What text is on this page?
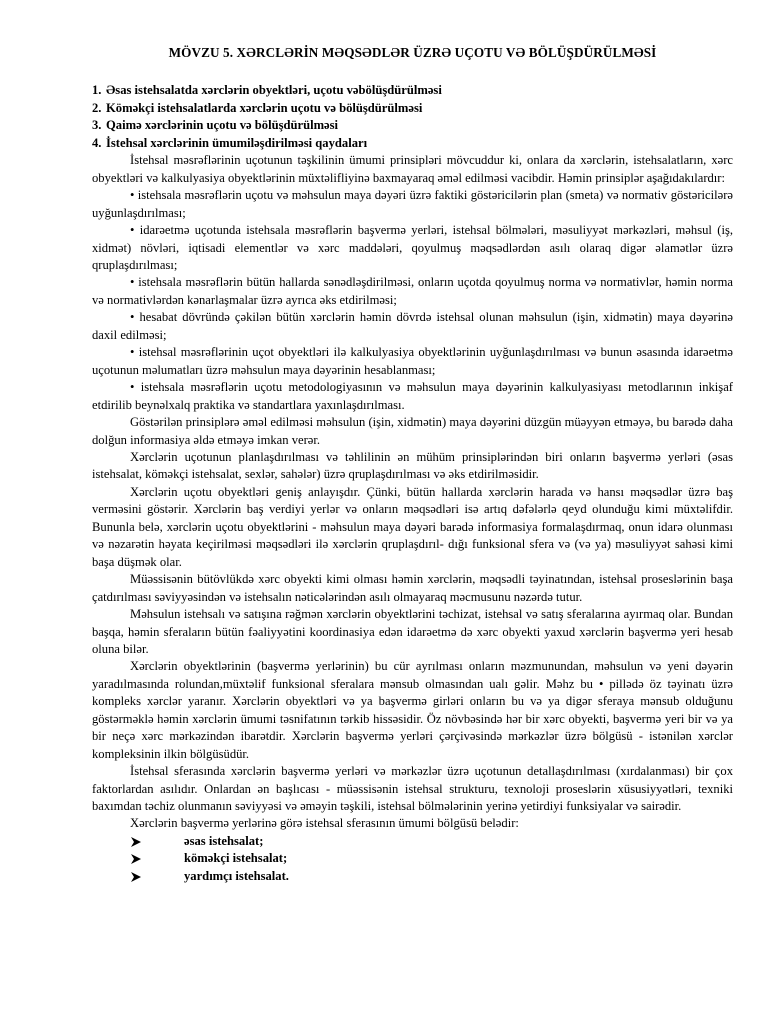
MÖVZU 5. XƏRCLƏRİN MƏQSƏDLƏR ÜZRƏ UÇOTU VƏ BÖLÜŞDÜRÜLMƏSİ
1. Əsas istehsalatda xərclərin obyektləri, uçotu vəbölüşdürülməsi
2. Köməkçi istehsalatlarda xərclərin uçotu və bölüşdürülməsi
3. Qaimə xərclərinin uçotu və bölüşdürülməsi
4. İstehsal xərclərinin ümumiləşdirilməsi qaydaları

İstehsal məsrəflərinin uçotunun təşkilinin ümumi prinsipləri mövcuddur ki, onlara da xərclərin, istehsalatların, xərc obyektləri və kalkulyasiya obyektlərinin müxtəlifliyinə baxmayaraq əməl edilməsi vacibdir. Həmin prinsiplər aşağıdakılardır:

• istehsala məsrəflərin uçotu və məhsulun maya dəyəri üzrə faktiki göstəricilərin plan (smeta) və normativ göstəricilərə uyğunlaşdırılması;

• idarəetmə uçotunda istehsala məsrəflərin başvermə yerləri, istehsal bölmələri, məsuliyyət mərkəzləri, məhsul (iş, xidmət) növləri, iqtisadi elementlər və xərc maddələri, qoyulmuş məqsədlərdən asılı olaraq digər əlamətlər üzrə qruplaşdırılması;

• istehsala məsrəflərin bütün hallarda sənədləşdirilməsi, onların uçotda qoyulmuş norma və normativlər, həmin norma və normativlərdən kənarlaşmalar üzrə ayrıca əks etdirilməsi;

• hesabat dövründə çəkilən bütün xərclərin həmin dövrdə istehsal olunan məhsulun (işin, xidmətin) maya dəyərinə daxil edilməsi;

• istehsal məsrəflərinin uçot obyektləri ilə kalkulyasiya obyektlərinin uyğunlaşdırılması və bunun əsasında idarəetmə uçotunun məlumatları üzrə məhsulun maya dəyərinin hesablanması;

• istehsala məsrəflərin uçotu metodologiyasının və məhsulun maya dəyərinin kalkulyasiyası metodlarının inkişaf etdirilib beynəlxalq praktika və standartlara yaxınlaşdırılması.

Göstərilən prinsiplərə əməl edilməsi məhsulun (işin, xidmətin) maya dəyərini düzgün müəyyən etməyə, bu barədə daha dolğun informasiya əldə etməyə imkan verər.

Xərclərin uçotunun planlaşdırılması və təhlilinin ən mühüm prinsiplərindən biri onların başvermə yerləri (əsas istehsalat, köməkçi istehsalat, sexlər, sahələr) üzrə qruplaşdırılması və əks etdirilməsidir.

Xərclərin uçotu obyektləri geniş anlayışdır. Çünki, bütün hallarda xərclərin harada və hansı məqsədlər üzrə baş verməsini göstərir. Xərclərin baş verdiyi yerlər və onların məqsədləri isə artıq dəfələrlə qeyd olunduğu kimi müxtəlifdir. Bununla belə, xərclərin uçotu obyektlərini - məhsulun maya dəyəri barədə informasiya formalaşdırmaq, onun idarə olunması və nəzarətin həyata keçirilməsi məqsədləri ilə xərclərin qruplaşdırıl- dığı funksional sfera və (və ya) məsuliyyət sahəsi kimi başa düşmək olar.

Müəssisənin bütövlükdə xərc obyekti kimi olması həmin xərclərin, məqsədli təyinatından, istehsal proseslərinin başa çatdırılması səviyyəsindən və istehsalın nəticələrindən asılı olmayaraq məcmusunu nəzərdə tutur.

Məhsulun istehsalı və satışına rəğmən xərclərin obyektlərini təchizat, istehsal və satış sferalarına ayırmaq olar. Bundan başqa, həmin sferaların bütün fəaliyyətini koordinasiya edən idarəetmə də xərc obyekti yaxud xərclərin başvermə yeri hesab oluna bilər.

Xərclərin obyektlərinin (başvermə yerlərinin) bu cür ayrılması onların məzmunundan, məhsulun və yeni dəyərin yaradılmasında rolundan,müxtəlif funksional sferalara mənsub olmasından ualı gəlir. Məhz bu • pillədə öz təyinatı üzrə kompleks xərclər yaranır. Xərclərin obyektləri və ya başvermə girləri onların bu və ya digər sferaya mənsub olduğunu göstərməklə həmin xərclərin ümumi təsnifatının tərkib hissəsidir. Öz növbəsində hər bir xərc obyekti, başvermə yeri bir və ya bir neçə xərc mərkəzindən ibarətdir. Xərclərin başvermə yerləri çərçivəsində mərkəzlər üzrə bölgüsü - istənilən xərclər kompleksinin ilkin bölgüsüdür.

İstehsal sferasında xərclərin başvermə yerləri və mərkəzlər üzrə uçotunun detallaşdırılması (xırdalanması) bir çox faktorlardan asılıdır. Onlardan ən başlıcası - müəssisənin istehsal strukturu, texnoloji proseslərin xüsusiyyətləri, texniki baxımdan təchiz olunmanın səviyyəsi və əməyin təşkili, istehsal bölmələrinin yerinə yetirdiyi funksiyalar və sairədir.

Xərclərin başvermə yerlərinə görə istehsal sferasının ümumi bölgüsü belədir:

əsas istehsalat;
köməkçi istehsalat;
yardımçı istehsalat.
